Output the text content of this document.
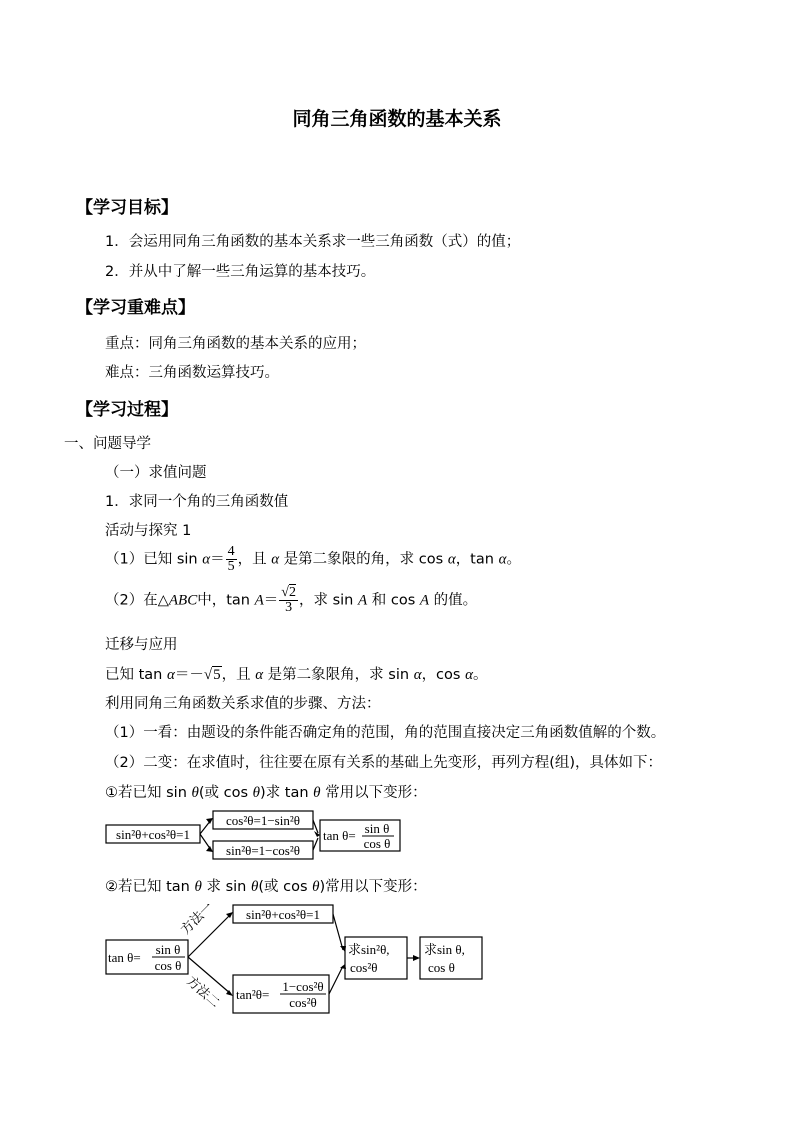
同角三角函数的基本关系
【学习目标】
1．会运用同角三角函数的基本关系求一些三角函数（式）的值；
2．并从中了解一些三角运算的基本技巧。
【学习重难点】
重点：同角三角函数的基本关系的应用；
难点：三角函数运算技巧。
【学习过程】
一、问题导学
（一）求值问题
1．求同一个角的三角函数值
活动与探究 1
（1）已知 $\sin \alpha= \frac{4}{5}$ ，且 α 是第二象限的角，求 cos α，tan α。
（2）在△ABC中，$\tan A= \frac{√2}{3}$ ，求 sin A 和 cos A 的值。
迁移与应用
已知 tan α＝－√5，且 α 是第二象限角，求 sin α，cos α。
利用同角三角函数关系求值的步骤、方法：
（1）一看：由题设的条件能否确定角的范围，角的范围直接决定三角函数值解的个数。
（2）二变：在求值时，往往要在原有关系的基础上先变形，再列方程(组)，具体如下：
①若已知 sin θ(或 cos θ)求 tan θ 常用以下变形：
sin²θ+cos²θ=1
cos²θ=1−sin²θ
sin²θ=1−cos²θ
tan θ= sin θ
cos θ
②若已知 tan θ 求 sin θ(或 cos θ)常用以下变形：
tan θ=
sin θ
cos θ
方法一
方法二
sin²θ+cos²θ=1
tan²θ=
1−cos²θ
cos²θ
求sin²θ,
cos²θ
求sin θ,
cos θ
